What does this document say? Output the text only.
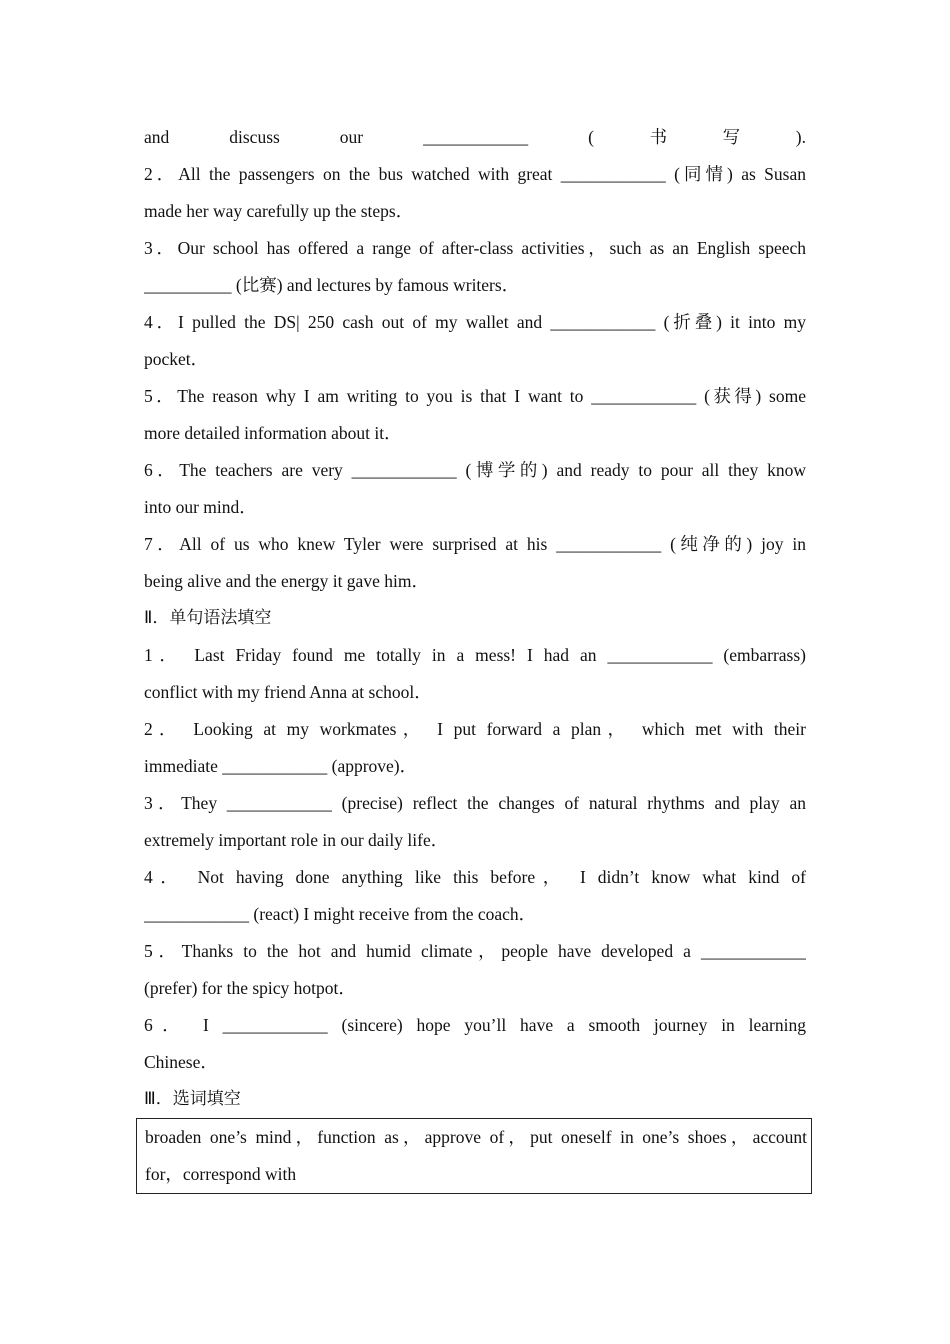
and discuss our ____________ (书写).
2．All the passengers on the bus watched with great ____________ (同情) as Susan
made her way carefully up the steps．
3．Our school has offered a range of after-class activities，such as an English speech
__________ (比赛) and lectures by famous writers．
4．I pulled the DS| 250 cash out of my wallet and ____________ (折叠) it into my
pocket．
5．The reason why I am writing to you is that I want to ____________ (获得) some
more detailed information about it．
6．The teachers are very ____________ (博学的) and ready to pour all they know
into our mind．
7．All of us who knew Tyler were surprised at his ____________ (纯净的) joy in
being alive and the energy it gave him．
Ⅱ．单句语法填空
1． Last Friday found me totally in a mess! I had an ____________ (embarrass)
conflict with my friend Anna at school．
2． Looking at my workmates， I put forward a plan， which met with their
immediate ____________ (approve)．
3．They ____________ (precise) reflect the changes of natural rhythms and play an
extremely important role in our daily life．
4． Not having done anything like this before， I didn’t know what kind of
____________ (react) I might receive from the coach．
5．Thanks to the hot and humid climate，people have developed a ____________
(prefer) for the spicy hotpot．
6． I ____________ (sincere) hope you’ll have a smooth journey in learning
Chinese．
Ⅲ．选词填空
broaden one’s mind，function as，approve of，put oneself in one’s shoes，account
for，correspond with
